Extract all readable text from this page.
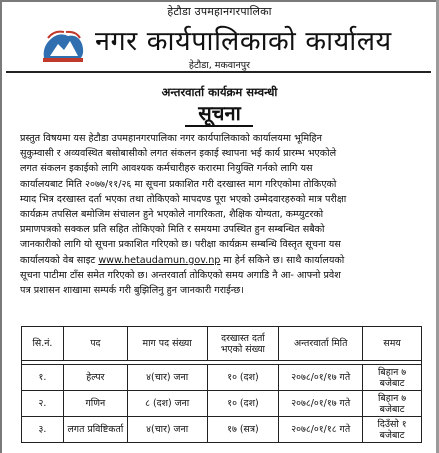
हेटौडा उपमहानगरपालिका
नगर कार्यपालिकाको कार्यालय
हेटौडा, मकवानपुर
अन्तरवार्ता कार्यक्रम सम्वन्धी
सूचना
प्रस्तुत विषयमा यस हेटौडा उपमहानगरपालिका नगर कार्यपालिकाको कार्यालयमा भूमिहिन
सुकुम्वासी र अव्यवस्थित बसोबासीको लगत संकलन इकाई स्थापना भई कार्य प्रारम्भ भएकोले
लगत संकलन इकाईको लागि आवश्यक कर्मचारीहरु करारमा नियुक्ति गर्नको लागि यस
कार्यालयबाट मिति २०७७/११/२६ मा सूचना प्रकाशित गरी दरखास्त माग गरिएकोमा तोकिएको
म्याद भित्र दरखास्त दर्ता भएका तथा तोकिएको मापदण्ड पूरा भएको उम्मेदवारहरुको मात्र परीक्षा
कार्यक्रम तपसिल बमोजिम संचालन हुने भएकोले नागरिकता, शैक्षिक योग्यता, कम्प्युटरको
प्रमाणपत्रको सक्कल प्रति सहित तोकिएको मिति र समयमा उपस्थित हुन सम्बन्धित सबैको
जानकारीको लागि यो सूचना प्रकाशित गरिएको छ। परीक्षा कार्यक्रम सम्बन्धि विस्तृत सूचना यस
कार्यालयको वेब साइट www.hetaudamun.gov.np मा हेर्न सकिने छ। साथै कार्यालयको
सूचना पाटीमा टाँस समेत गरिएको छ। अन्तरवार्ता तोकिएको समय अगाडि नै आ- आफ्नो प्रवेश
पत्र प्रशासन शाखामा सम्पर्क गरी बुझिलिनु हुन जानकारी गराईन्छ।
सि.नं.	पद	माग पद संख्या	दरखास्त दर्ता भएको संख्या	अन्तरवार्ता मिति	समय

१.	हेल्पर	४(चार) जना	१० (दश)	२०७८/०१/१७ गते	बिहान ७ बजेबाट
२.	गणिन	८ (दश) जना	१० (दश)	२०७८/०१/१७ गते	बिहान ७ बजेबाट
३.	लगत प्रविष्टिकर्ता	४(चार) जना	१७ (सत्र)	२०७८/०१/१८ गते	दिउँसो १ बजेबाट
